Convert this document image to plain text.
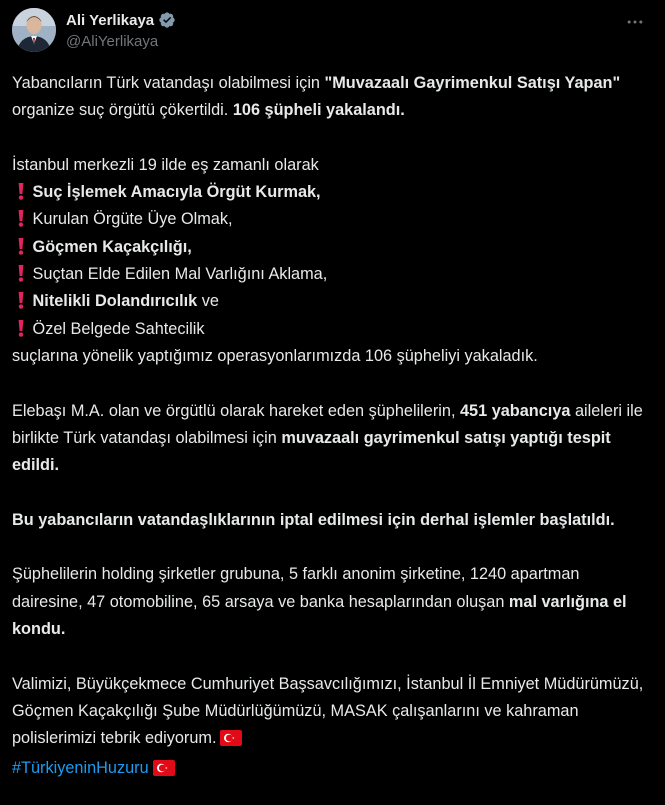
Ali Yerlikaya
@AliYerlikaya

Yabancıların Türk vatandaşı olabilmesi için "Muvazaalı Gayrimenkul Satışı Yapan" organize suç örgütü çökertildi. 106 şüpheli yakalandı.

İstanbul merkezli 19 ilde eş zamanlı olarak

Suç İşlemek Amacıyla Örgüt Kurmak,
Kurulan Örgüte Üye Olmak,
Göçmen Kaçakçılığı,
Suçtan Elde Edilen Mal Varlığını Aklama,
Nitelikli Dolandırıcılık ve
Özel Belgede Sahtecilik

suçlarına yönelik yaptığımız operasyonlarımızda 106 şüpheliyi yakaladık.

Elebaşı M.A. olan ve örgütlü olarak hareket eden şüphelilerin, 451 yabancıya aileleri ile birlikte Türk vatandaşı olabilmesi için muvazaalı gayrimenkul satışı yaptığı tespit edildi.

Bu yabancıların vatandaşlıklarının iptal edilmesi için derhal işlemler başlatıldı.

Şüphelilerin holding şirketler grubuna, 5 farklı anonim şirketine, 1240 apartman dairesine, 47 otomobiline, 65 arsaya ve banka hesaplarından oluşan mal varlığına el kondu.

Valimizi, Büyükçekmece Cumhuriyet Başsavcılığımızı, İstanbul İl Emniyet Müdürümüzü, Göçmen Kaçakçılığı Şube Müdürlüğümüzü, MASAK çalışanlarını ve kahraman polislerimizi tebrik ediyorum.

#TürkiyeninHuzuru
